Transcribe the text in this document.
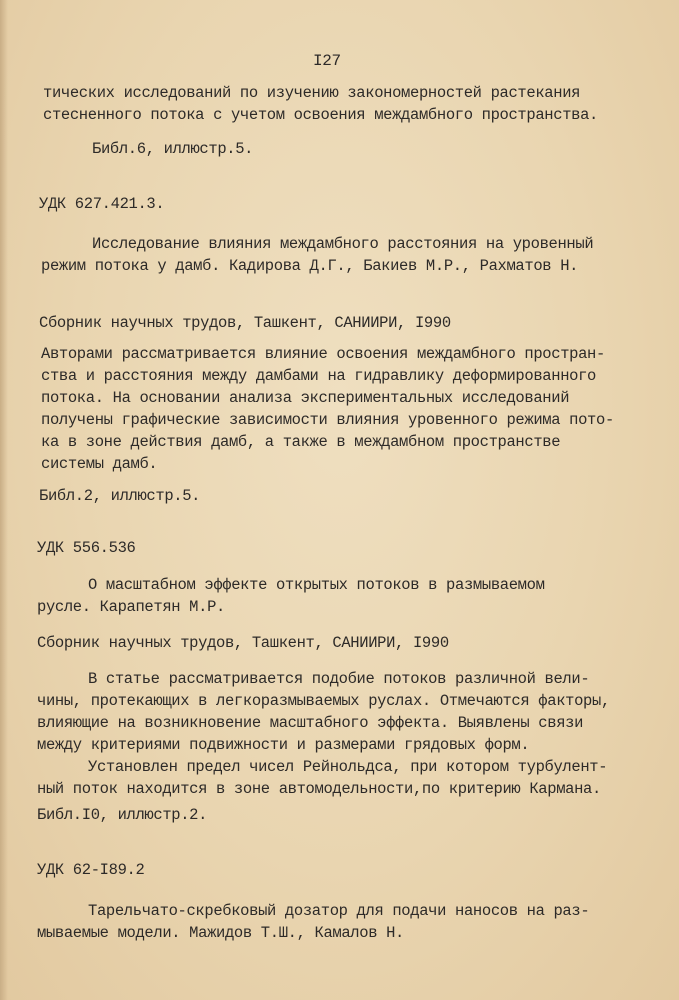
I27
тических исследований по изучению закономерностей растекания
стесненного потока с учетом освоения междамбного пространства.
Библ.6, иллюстр.5.
УДК 627.421.3.
Исследование влияния междамбного расстояния на уровенный
режим потока у дамб. Кадирова Д.Г., Бакиев М.Р., Рахматов Н.
Сборник научных трудов, Ташкент, САНИИРИ, I990
Авторами рассматривается влияние освоения междамбного простран-
ства и расстояния между дамбами на гидравлику деформированного
потока. На основании анализа экспериментальных исследований
получены графические зависимости влияния уровенного режима пото-
ка в зоне действия дамб, а также в междамбном пространстве
системы дамб.
Библ.2, иллюстр.5.
УДК 556.536
О масштабном эффекте открытых потоков в размываемом
русле. Карапетян М.Р.
Сборник научных трудов, Ташкент, САНИИРИ, I990
В статье рассматривается подобие потоков различной вели-
чины, протекающих в легкоразмываемых руслах. Отмечаются факторы,
влияющие на возникновение масштабного эффекта. Выявлены связи
между критериями подвижности и размерами грядовых форм.
Установлен предел чисел Рейнольдса, при котором турбулент-
ный поток находится в зоне автомодельности,по критерию Кармана.
Библ.I0, иллюстр.2.
УДК 62-I89.2
Тарельчато-скребковый дозатор для подачи наносов на раз-
мываемые модели. Мажидов Т.Ш., Камалов Н.
